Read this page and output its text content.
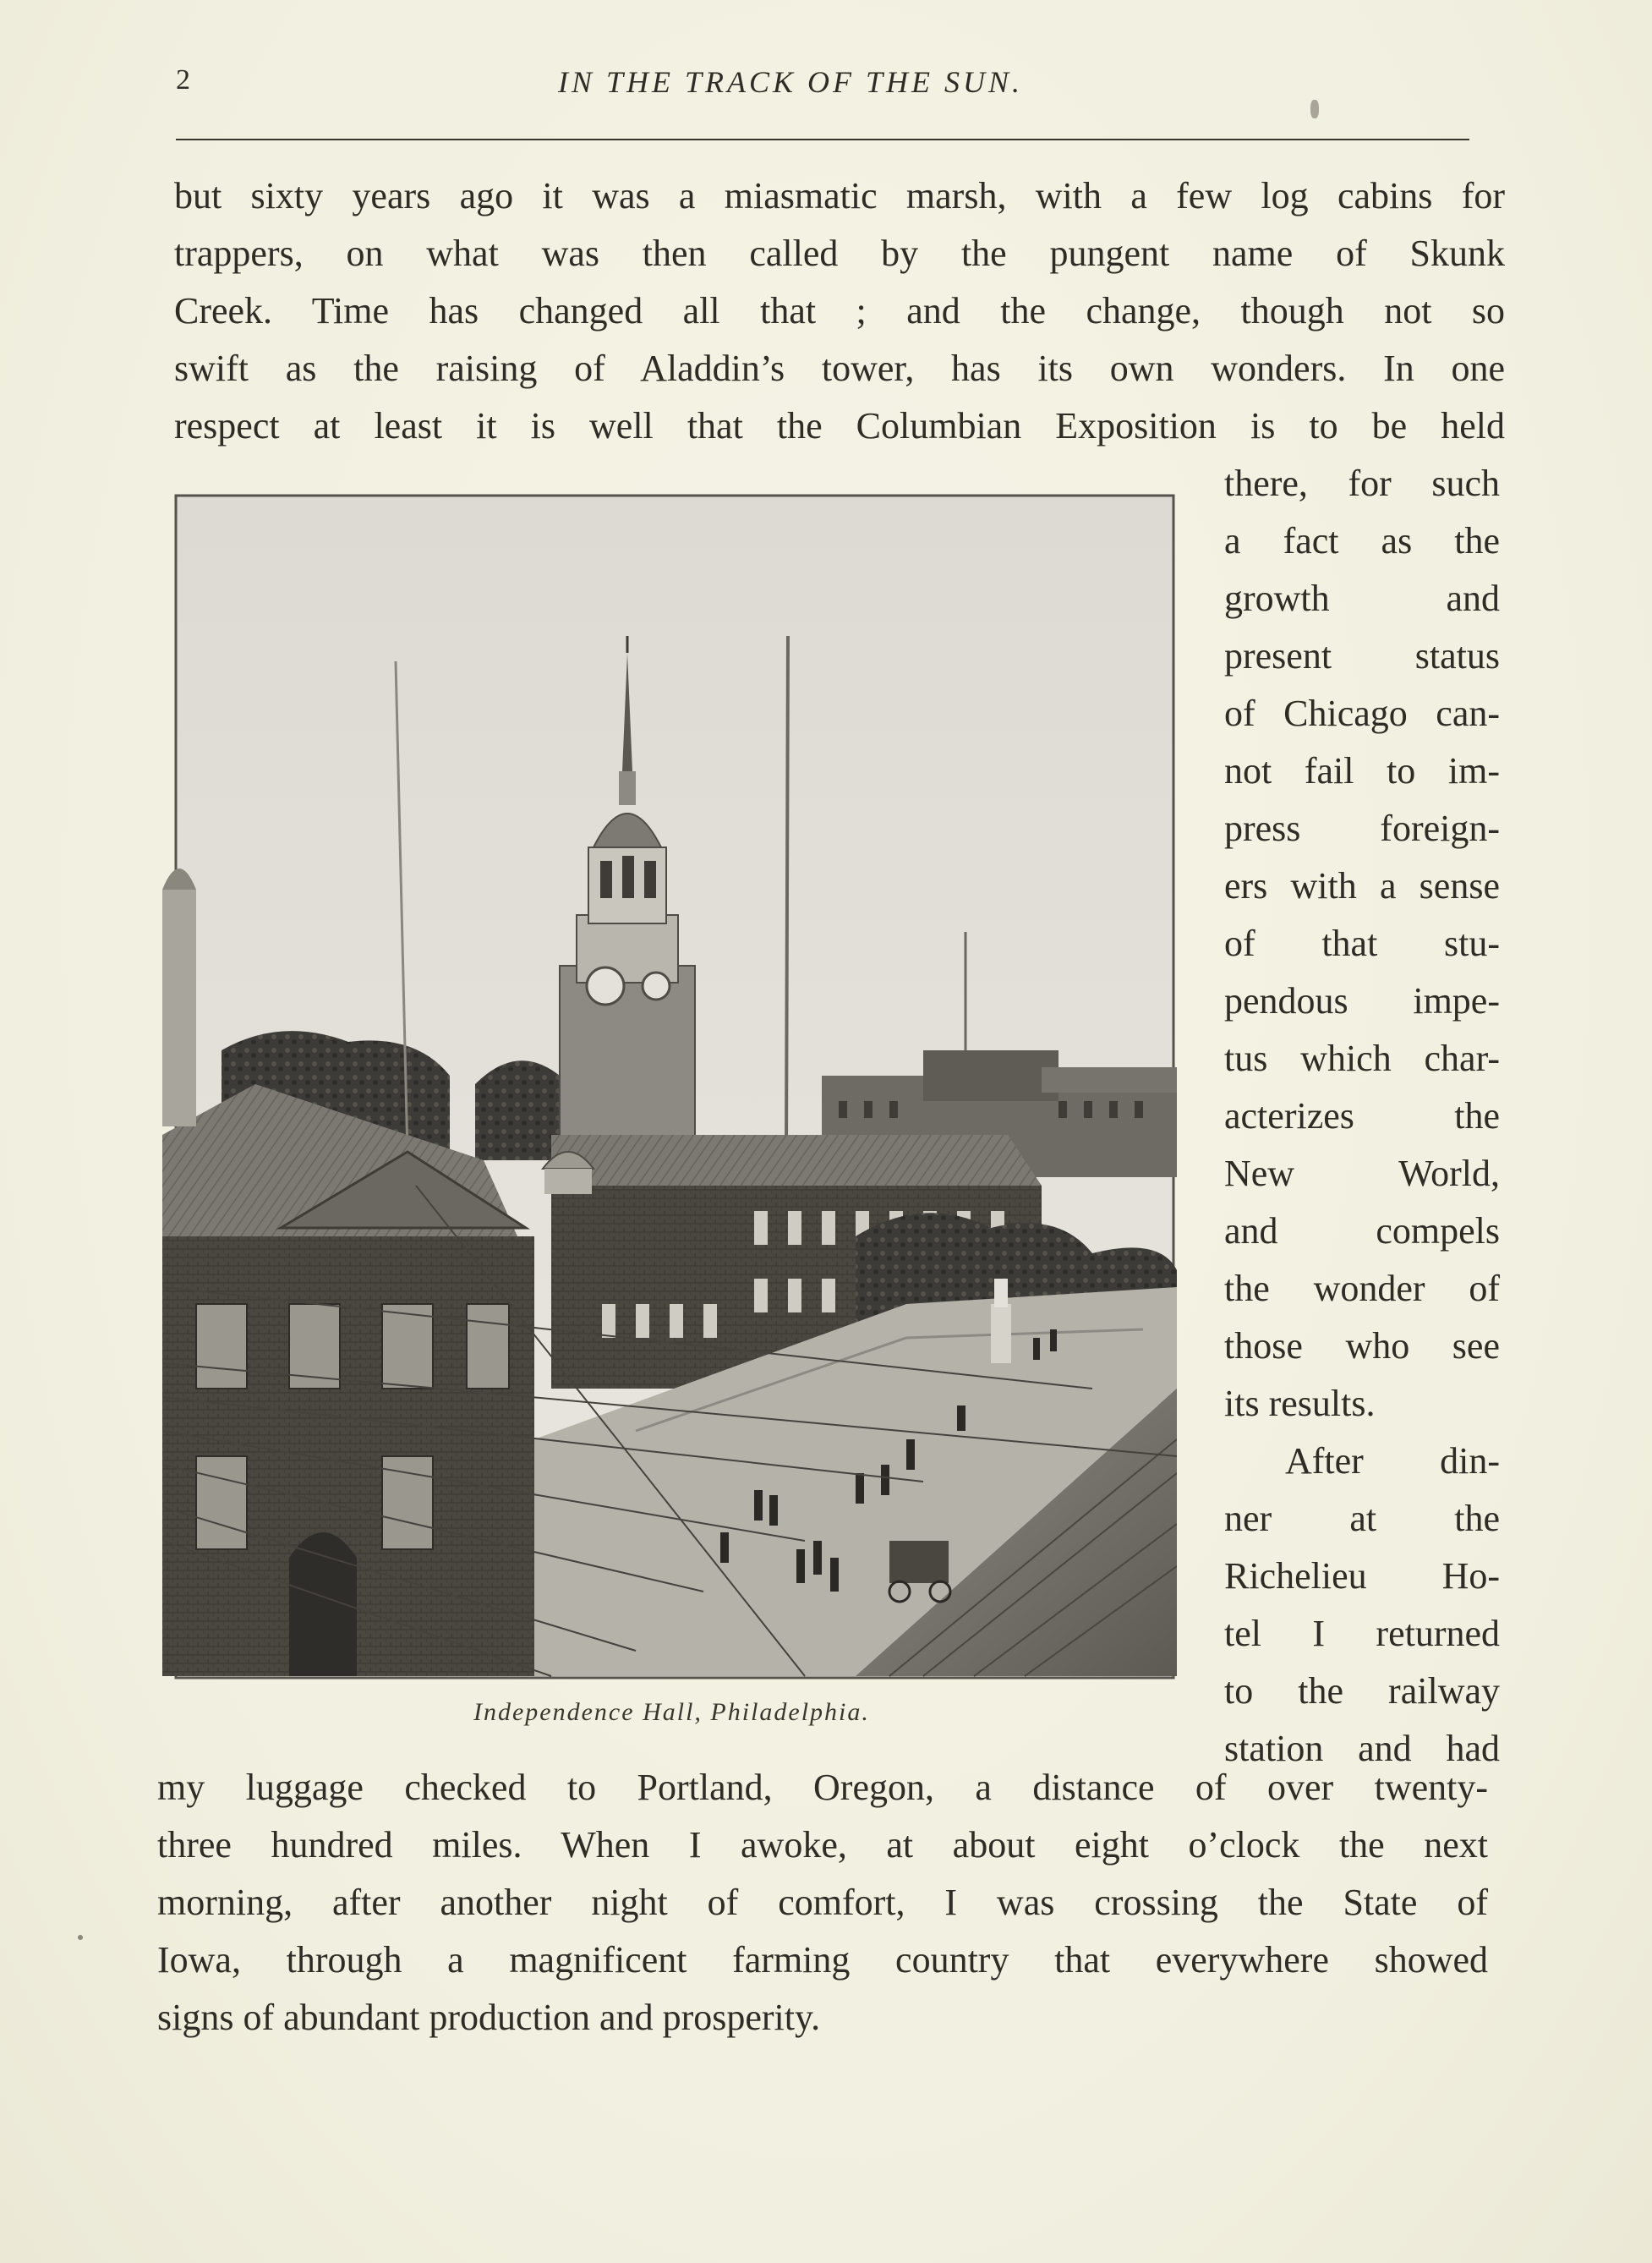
2	IN THE TRACK OF THE SUN.
but sixty years ago it was a miasmatic marsh, with a few log cabins for
trappers, on what was then called by the pungent name of Skunk
Creek. Time has changed all that ; and the change, though not so
swift as the raising of Aladdin’s tower, has its own wonders. In one
respect at least it is well that the Columbian Exposition is to be held
Independence Hall, Philadelphia.
there, for such
a fact as the
growth and
present status
of Chicago can-
not fail to im-
press foreign-
ers with a sense
of that stu-
pendous impe-
tus which char-
acterizes the
New World,
and compels
the wonder of
those who see
its results.
After din-
ner at the
Richelieu Ho-
tel I returned
to the railway
station and had
my luggage checked to Portland, Oregon, a distance of over twenty-
three hundred miles. When I awoke, at about eight o’clock the next
morning, after another night of comfort, I was crossing the State of
Iowa, through a magnificent farming country that everywhere showed
signs of abundant production and prosperity.
